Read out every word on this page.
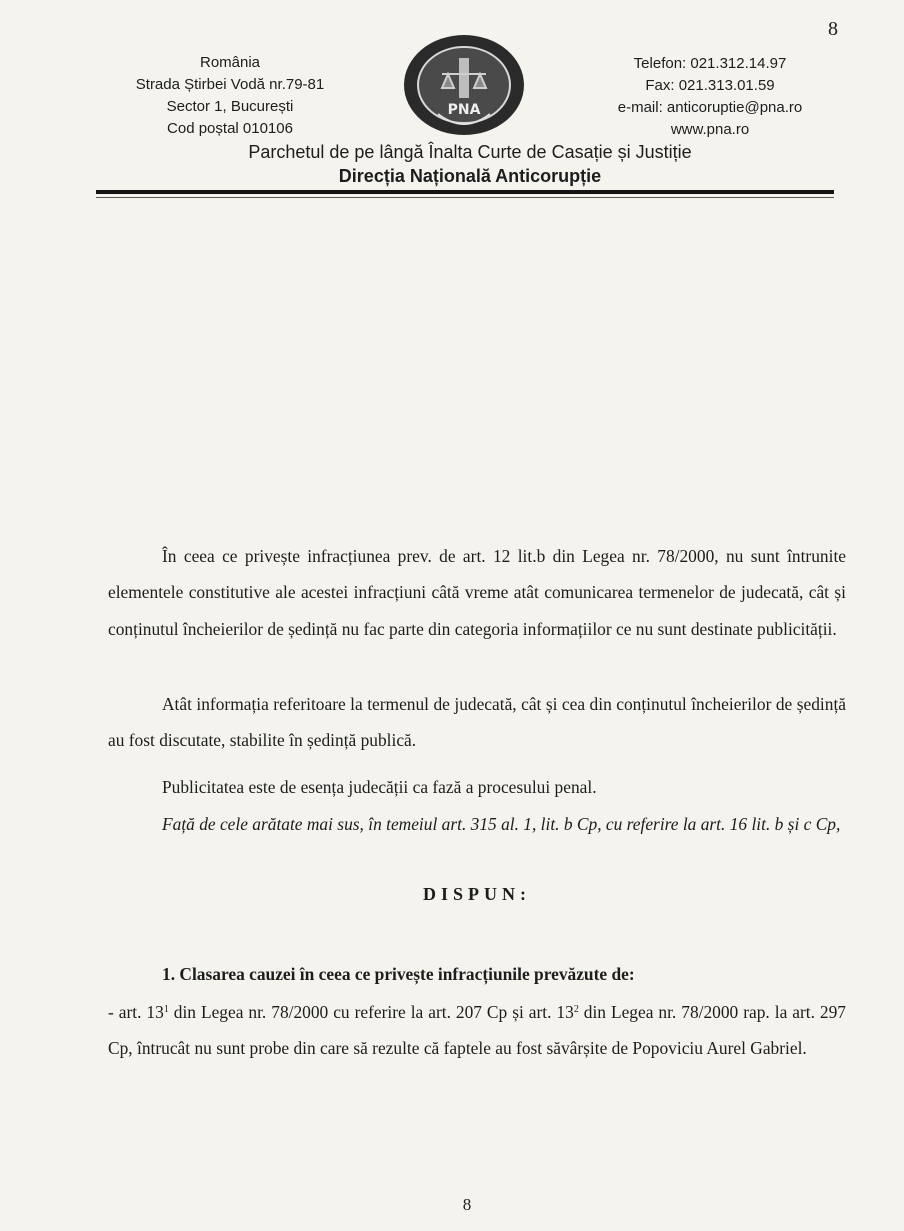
8
România
Strada Știrbei Vodă nr.79-81
Sector 1, București
Cod poștal 010106
PNA
Telefon: 021.312.14.97
Fax: 021.313.01.59
e-mail: anticoruptie@pna.ro
www.pna.ro
Parchetul de pe lângă Înalta Curte de Casație și Justiție
Direcția Națională Anticorupție
În ceea ce privește infracțiunea prev. de art. 12 lit.b din Legea nr. 78/2000, nu sunt întrunite elementele constitutive ale acestei infracțiuni câtă vreme atât comunicarea termenelor de judecată, cât și conținutul încheierilor de ședință nu fac parte din categoria informațiilor ce nu sunt destinate publicității.
Atât informația referitoare la termenul de judecată, cât și cea din conținutul încheierilor de ședință au fost discutate, stabilite în ședință publică.
Publicitatea este de esența judecății ca fază a procesului penal.
Față de cele arătate mai sus, în temeiul art. 315 al. 1, lit. b Cp, cu referire la art. 16 lit. b și c Cp,
DISPUN:
1. Clasarea cauzei în ceea ce privește infracțiunile prevăzute de:
- art. $13^1$ din Legea nr. 78/2000 cu referire la art. 207 Cp și art. $13^2$ din Legea nr. 78/2000 rap. la art. 297 Cp, întrucât nu sunt probe din care să rezulte că faptele au fost săvârșite de Popoviciu Aurel Gabriel.
8
